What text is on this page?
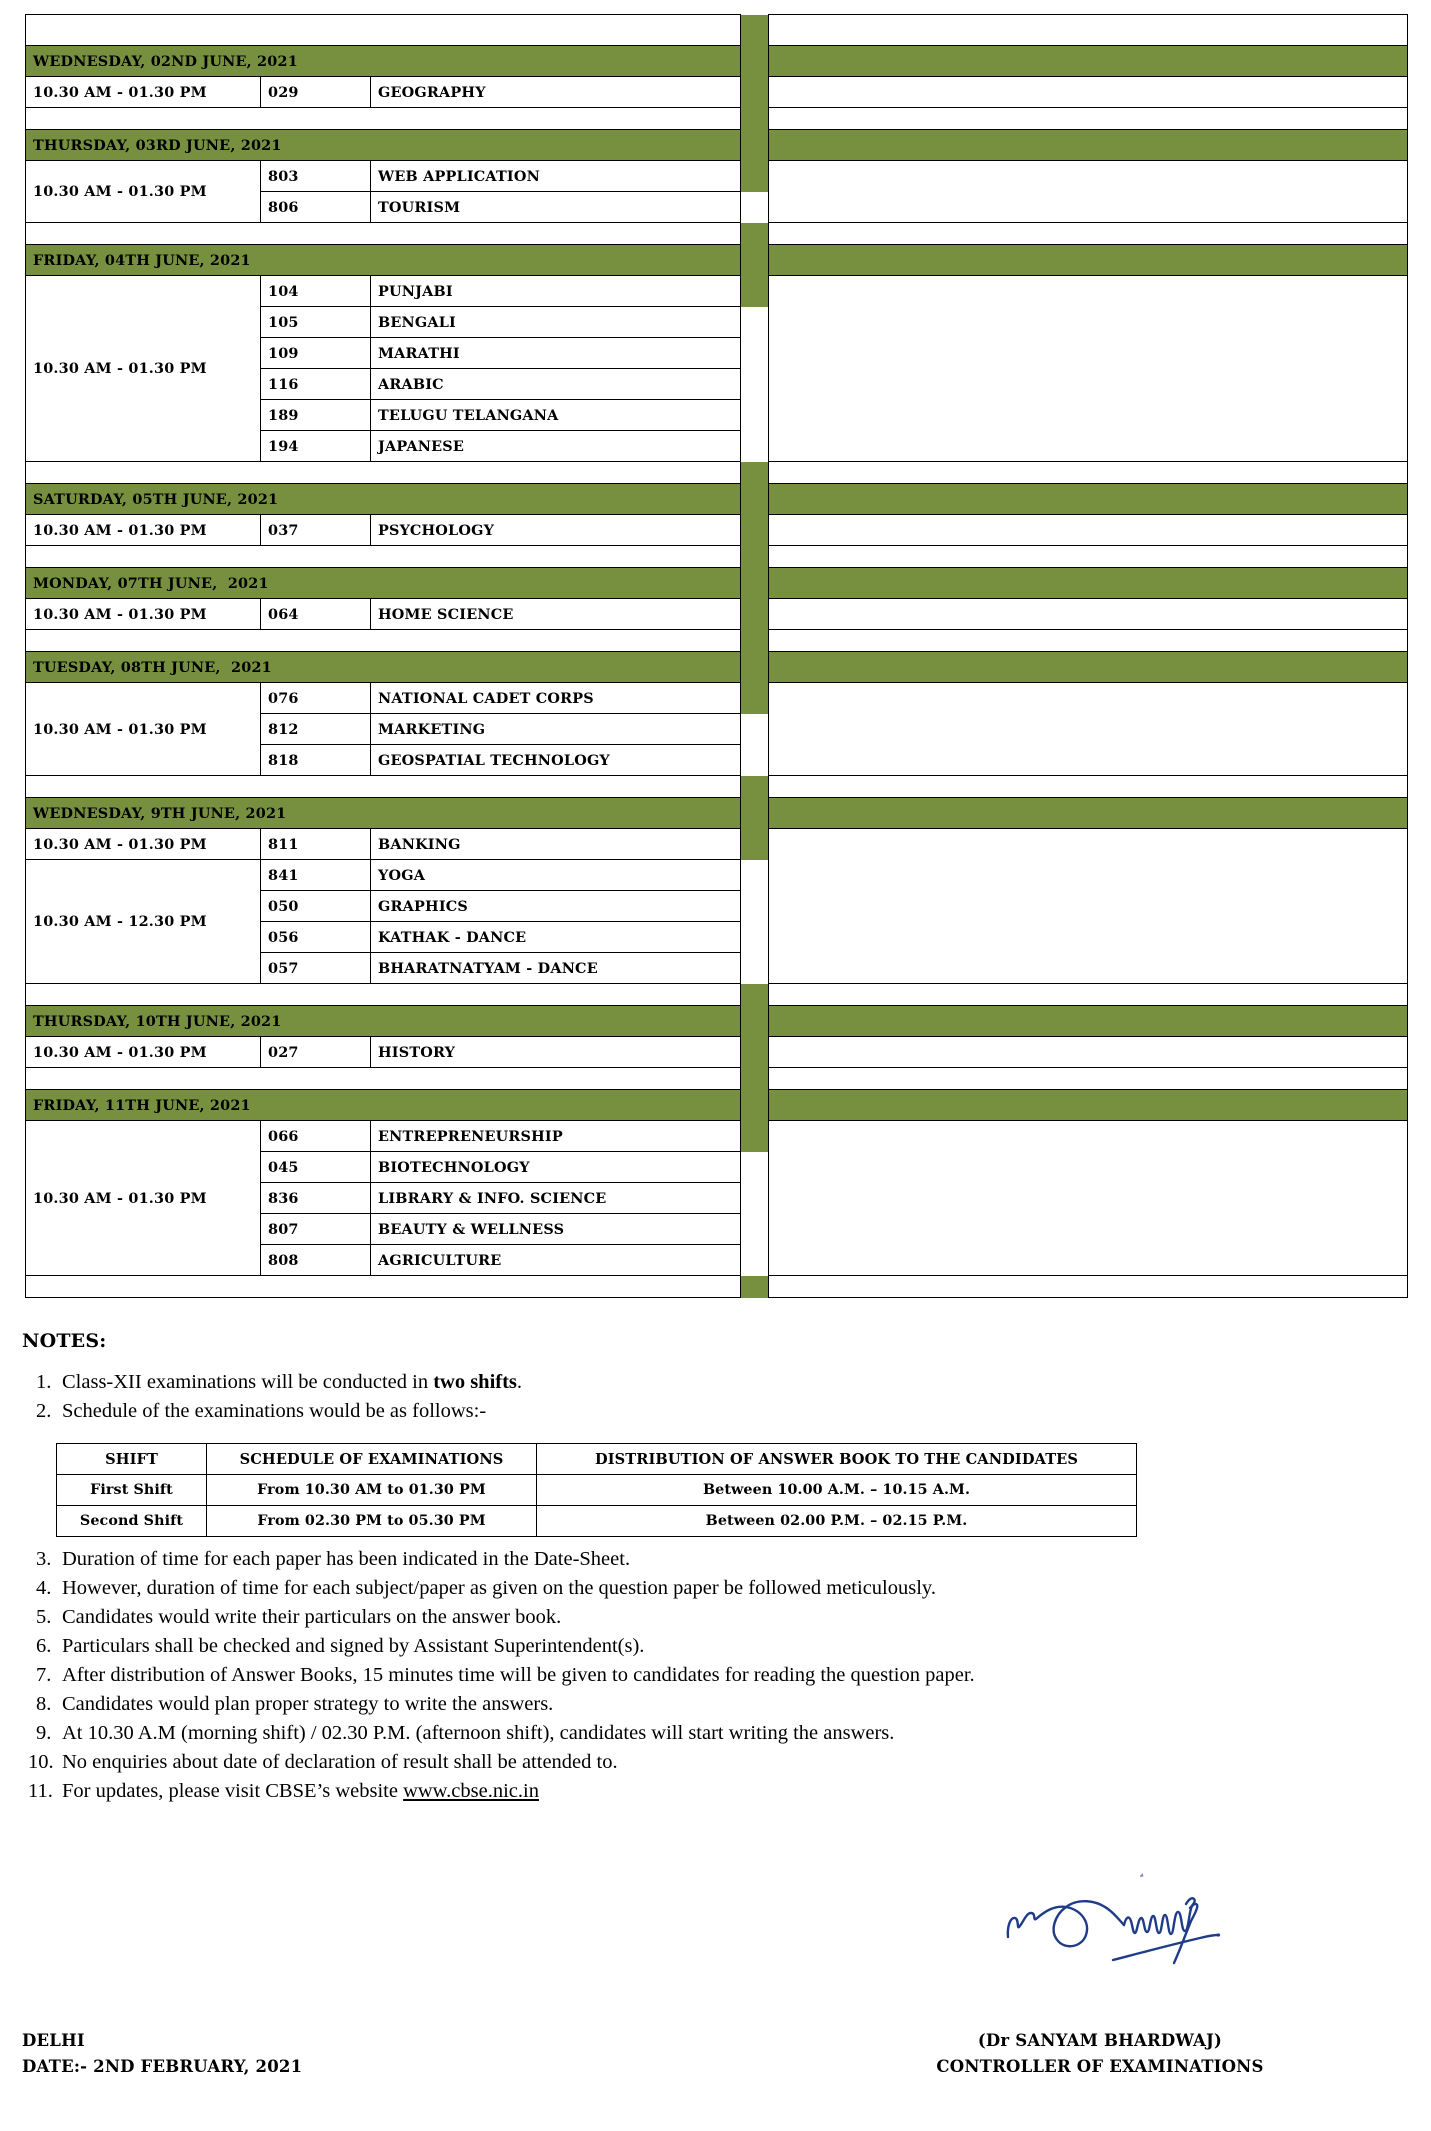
WEDNESDAY, 02ND JUNE, 2021				
10.30 AM - 01.30 PM	029	GEOGRAPHY		

THURSDAY, 03RD JUNE, 2021				
10.30 AM - 01.30 PM	803	WEB APPLICATION		
	806	TOURISM		

FRIDAY, 04TH JUNE, 2021				
10.30 AM - 01.30 PM	104	PUNJABI		
	105	BENGALI		
	109	MARATHI		
	116	ARABIC		
	189	TELUGU TELANGANA		
	194	JAPANESE		

SATURDAY, 05TH JUNE, 2021				
10.30 AM - 01.30 PM	037	PSYCHOLOGY		

MONDAY, 07TH JUNE,  2021				
10.30 AM - 01.30 PM	064	HOME SCIENCE		

TUESDAY, 08TH JUNE,  2021				
10.30 AM - 01.30 PM	076	NATIONAL CADET CORPS		
	812	MARKETING		
	818	GEOSPATIAL TECHNOLOGY		

WEDNESDAY, 9TH JUNE, 2021				
10.30 AM - 01.30 PM	811	BANKING		
10.30 AM - 12.30 PM	841	YOGA		
	050	GRAPHICS		
	056	KATHAK - DANCE		
	057	BHARATNATYAM - DANCE		

THURSDAY, 10TH JUNE, 2021				
10.30 AM - 01.30 PM	027	HISTORY		

FRIDAY, 11TH JUNE, 2021				
10.30 AM - 01.30 PM	066	ENTREPRENEURSHIP		
	045	BIOTECHNOLOGY		
	836	LIBRARY & INFO. SCIENCE		
	807	BEAUTY & WELLNESS		
	808	AGRICULTURE		

NOTES:
1. Class-XII examinations will be conducted in two shifts.
2. Schedule of the examinations would be as follows:-
SHIFT	SCHEDULE OF EXAMINATIONS	DISTRIBUTION OF ANSWER BOOK TO THE CANDIDATES
First Shift	From 10.30 AM to 01.30 PM	Between 10.00 A.M. – 10.15 A.M.
Second Shift	From 02.30 PM to 05.30 PM	Between 02.00 P.M. – 02.15 P.M.
3. Duration of time for each paper has been indicated in the Date-Sheet.
4. However, duration of time for each subject/paper as given on the question paper be followed meticulously.
5. Candidates would write their particulars on the answer book.
6. Particulars shall be checked and signed by Assistant Superintendent(s).
7. After distribution of Answer Books, 15 minutes time will be given to candidates for reading the question paper.
8. Candidates would plan proper strategy to write the answers.
9. At 10.30 A.M (morning shift) / 02.30 P.M. (afternoon shift), candidates will start writing the answers.
10. No enquiries about date of declaration of result shall be attended to.
11. For updates, please visit CBSE’s website www.cbse.nic.in
DELHI
DATE:- 2ND FEBRUARY, 2021
(Dr SANYAM BHARDWAJ)
CONTROLLER OF EXAMINATIONS
